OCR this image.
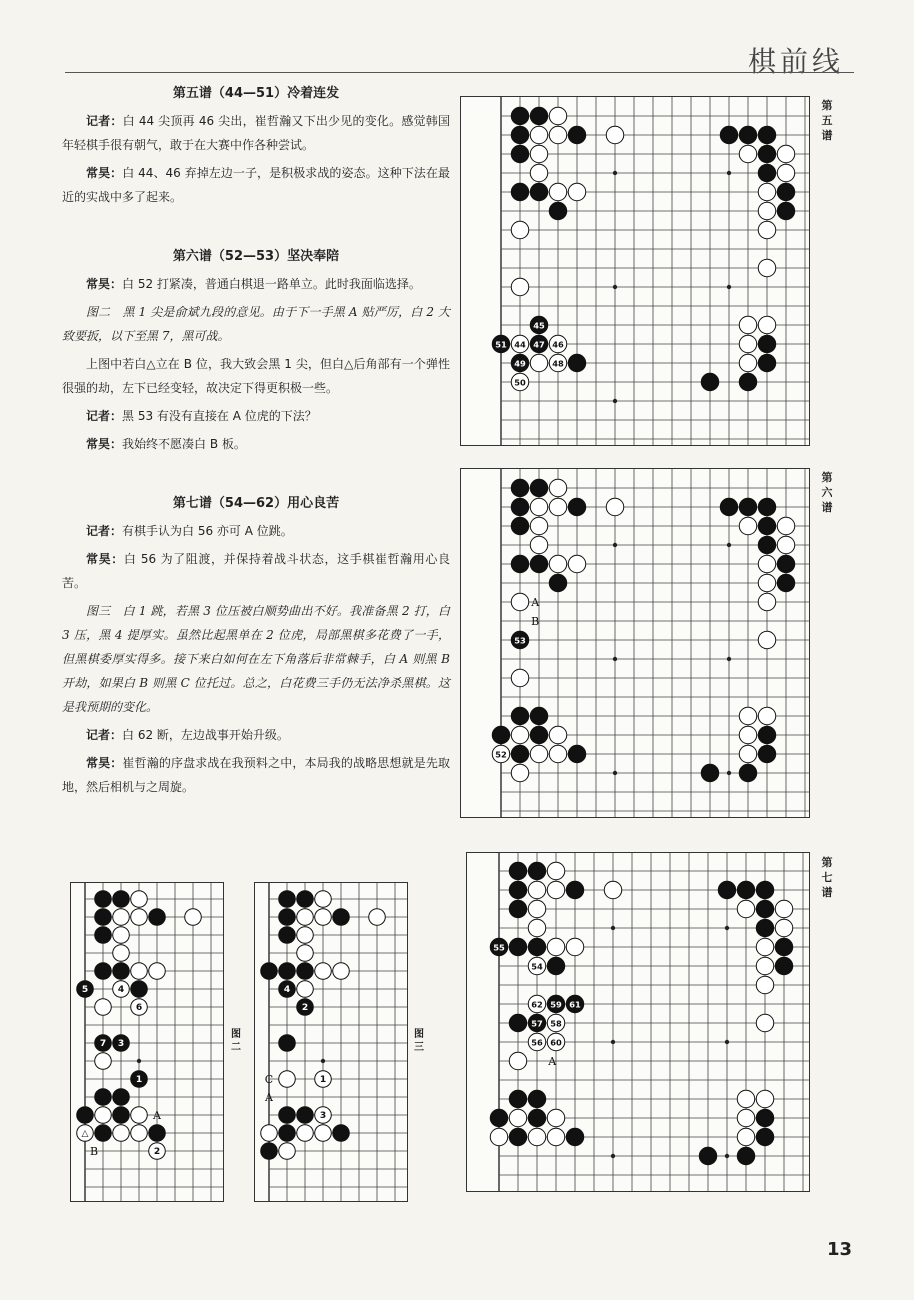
棋前线
第五谱（44—51）冷着连发

记者：白 44 尖顶再 46 尖出，崔哲瀚又下出少见的变化。感觉韩国年轻棋手很有朝气，敢于在大赛中作各种尝试。

常昊：白 44、46 弃掉左边一子，是积极求战的姿态。这种下法在最近的实战中多了起来。

第六谱（52—53）坚决奉陪

常昊：白 52 打紧凑，普通白棋退一路单立。此时我面临选择。

图二　黑 1 尖是俞斌九段的意见。由于下一手黑 A 贴严厉，白 2 大致要扳，以下至黑 7，黑可战。

上图中若白△立在 B 位，我大致会黑 1 尖，但白△后角部有一个弹性很强的劫，左下已经变轻，故决定下得更积极一些。

记者：黑 53 有没有直接在 A 位虎的下法？

常昊：我始终不愿凑白 B 板。

第七谱（54—62）用心良苦

记者：有棋手认为白 56 亦可 A 位跳。

常昊：白 56 为了阻渡，并保持着战斗状态，这手棋崔哲瀚用心良苦。

图三　白 1 跳，若黑 3 位压被白顺势曲出不好。我准备黑 2 打，白 3 压，黑 4 提厚实。虽然比起黑单在 2 位虎，局部黑棋多花费了一手，但黑棋委厚实得多。接下来白如何在左下角落后非常棘手，白 A 则黑 B 开劫，如果白 B 则黑 C 位托过。总之，白花费三手仍无法净杀黑棋。这是我预期的变化。

记者：白 62 断，左边战事开始升级。

常昊：崔哲瀚的序盘求战在我预料之中，本局我的战略思想就是先取地，然后相机与之周旋。

45
51 44 47 46
49	48
50
第五谱
53
52
A
B
第六谱
55
54
62 59 61
57 58
56 60
A
第七谱
5	4
6
7 3
1
△
2
A
B
图二
4
2
1
3
C
A
B
图三
13
